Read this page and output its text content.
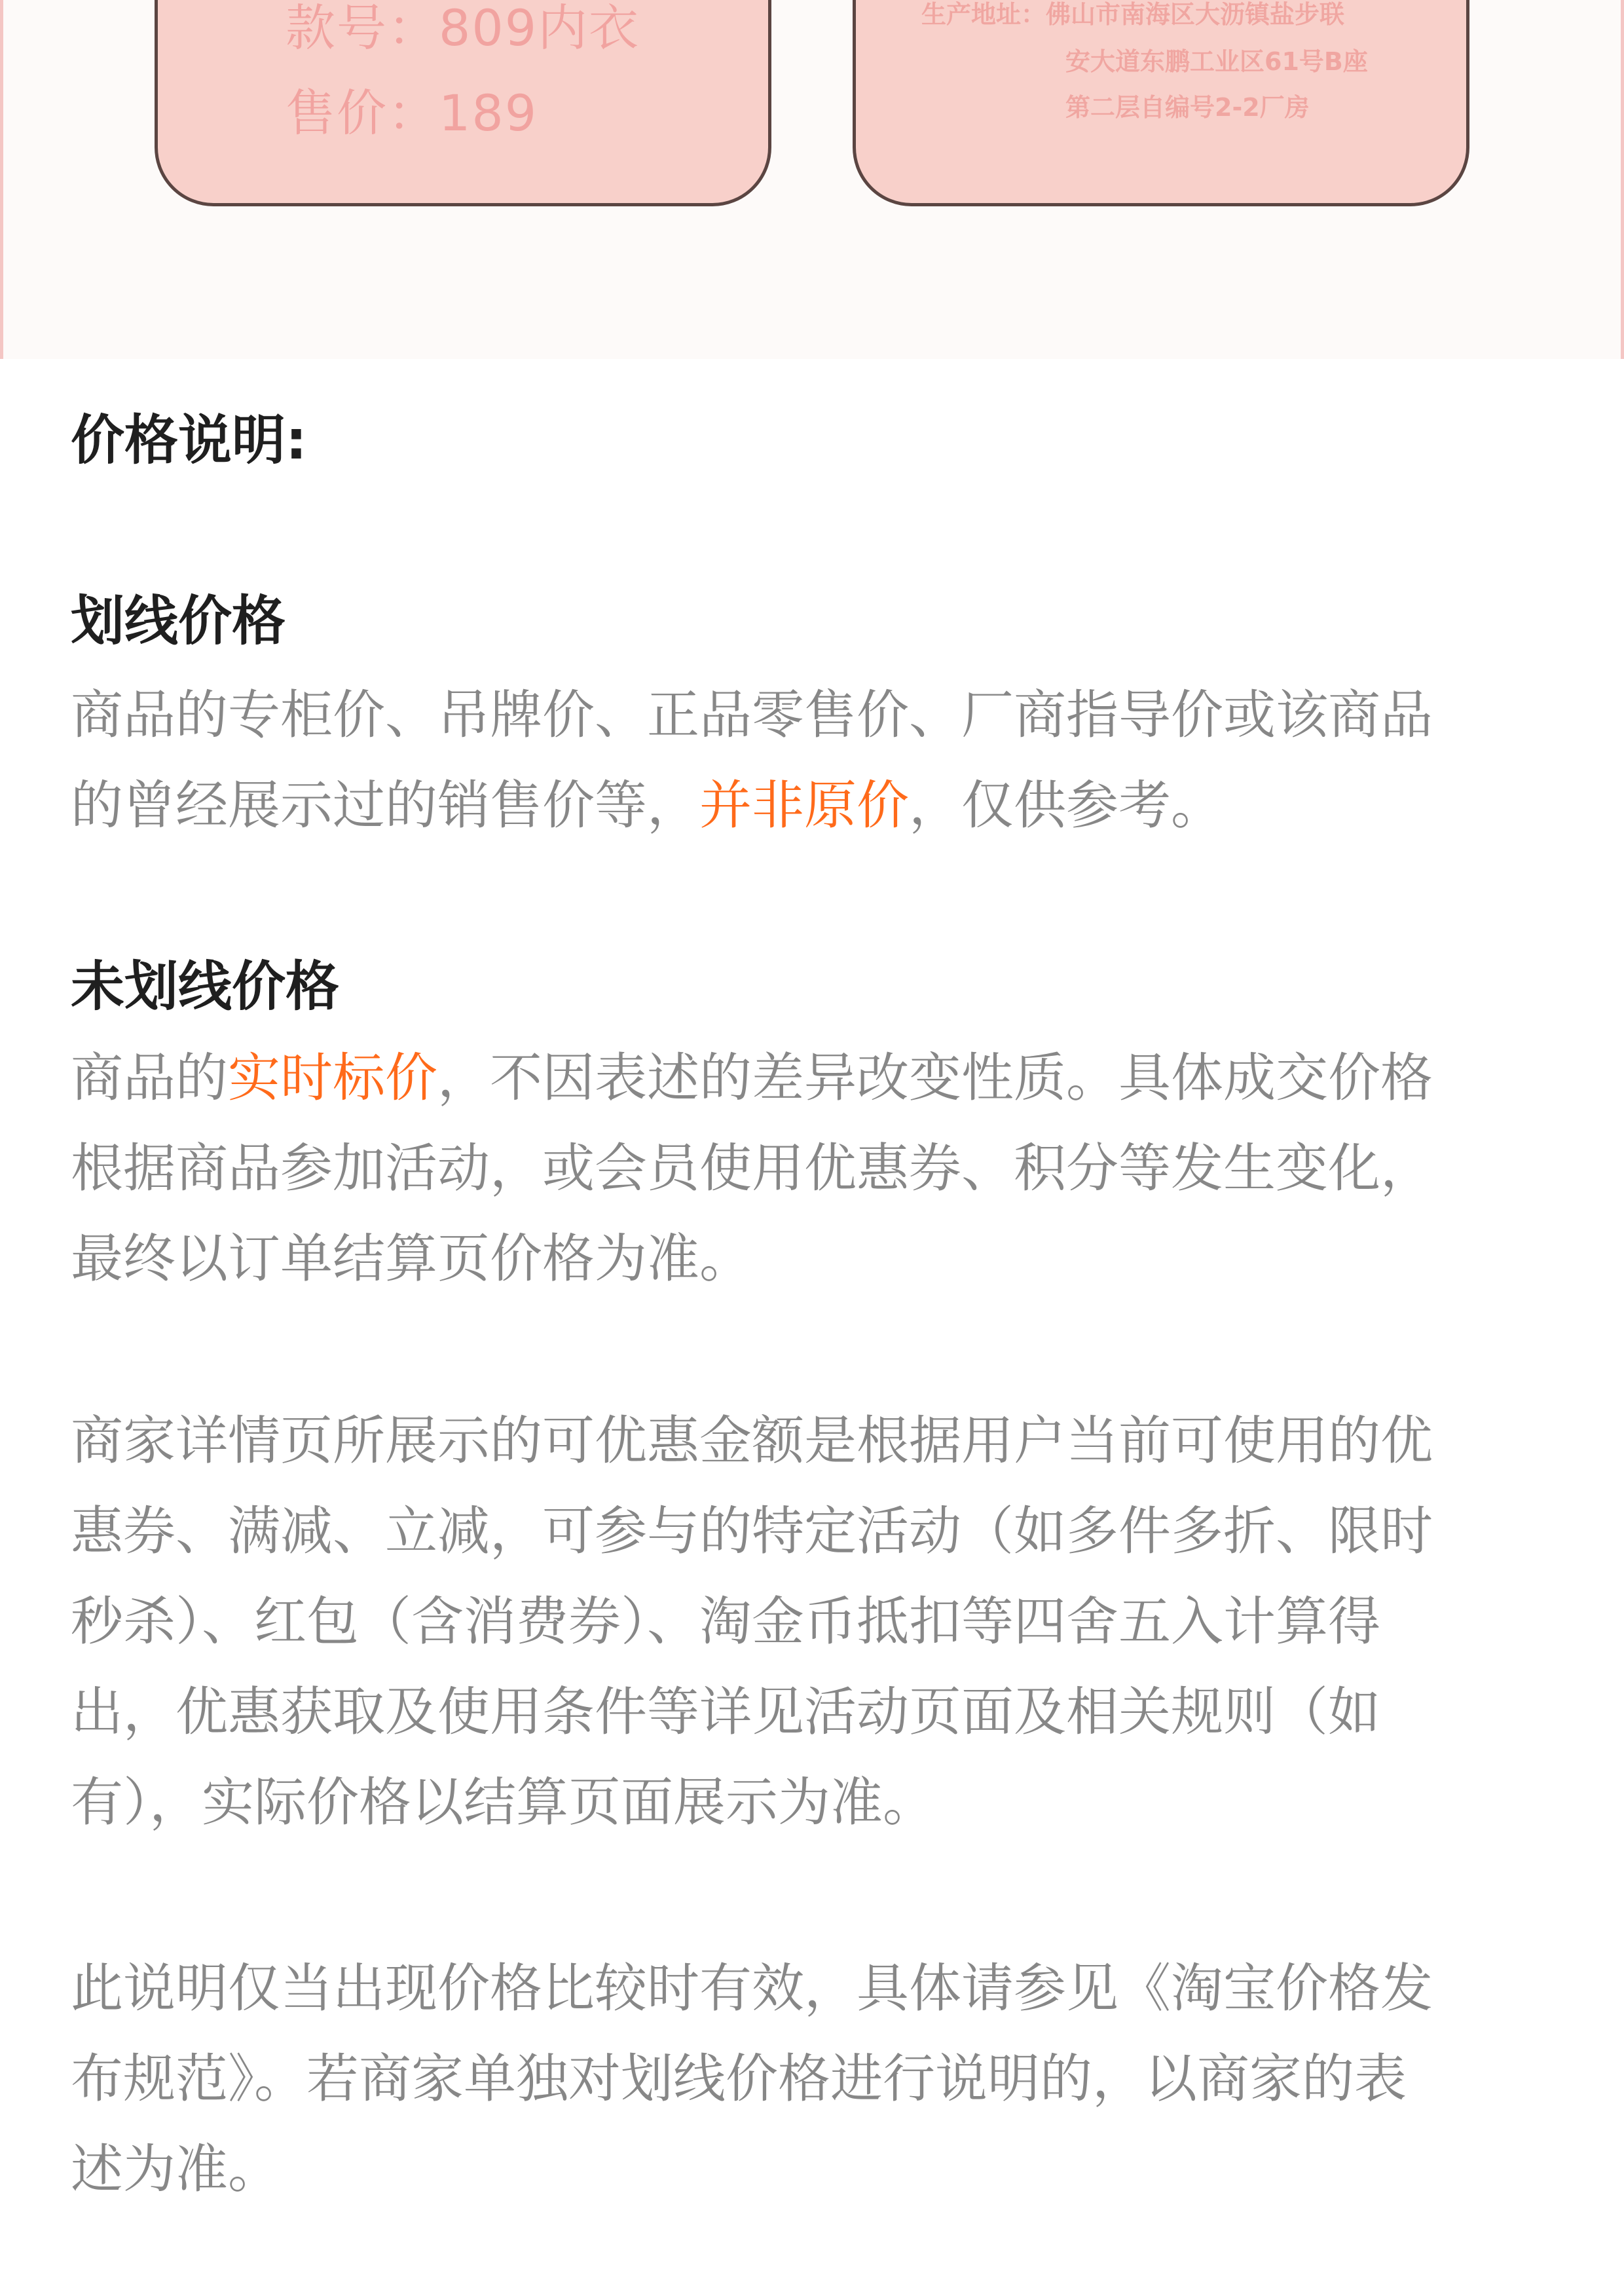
款号：809内衣
售价：189
生产地址：佛山市南海区大沥镇盐步联
安大道东鹏工业区61号B座
第二层自编号2-2厂房
价格说明:
划线价格
商品的专柜价、吊牌价、正品零售价、厂商指导价或该商品
的曾经展示过的销售价等，并非原价，仅供参考。
未划线价格
商品的实时标价，不因表述的差异改变性质。具体成交价格
根据商品参加活动，或会员使用优惠券、积分等发生变化，
最终以订单结算页价格为准。
商家详情页所展示的可优惠金额是根据用户当前可使用的优
惠券、满减、立减，可参与的特定活动（如多件多折、限时
秒杀）、红包（含消费券）、淘金币抵扣等四舍五入计算得
出，优惠获取及使用条件等详见活动页面及相关规则（如
有），实际价格以结算页面展示为准。
此说明仅当出现价格比较时有效，具体请参见《淘宝价格发
布规范》。若商家单独对划线价格进行说明的，以商家的表
述为准。
